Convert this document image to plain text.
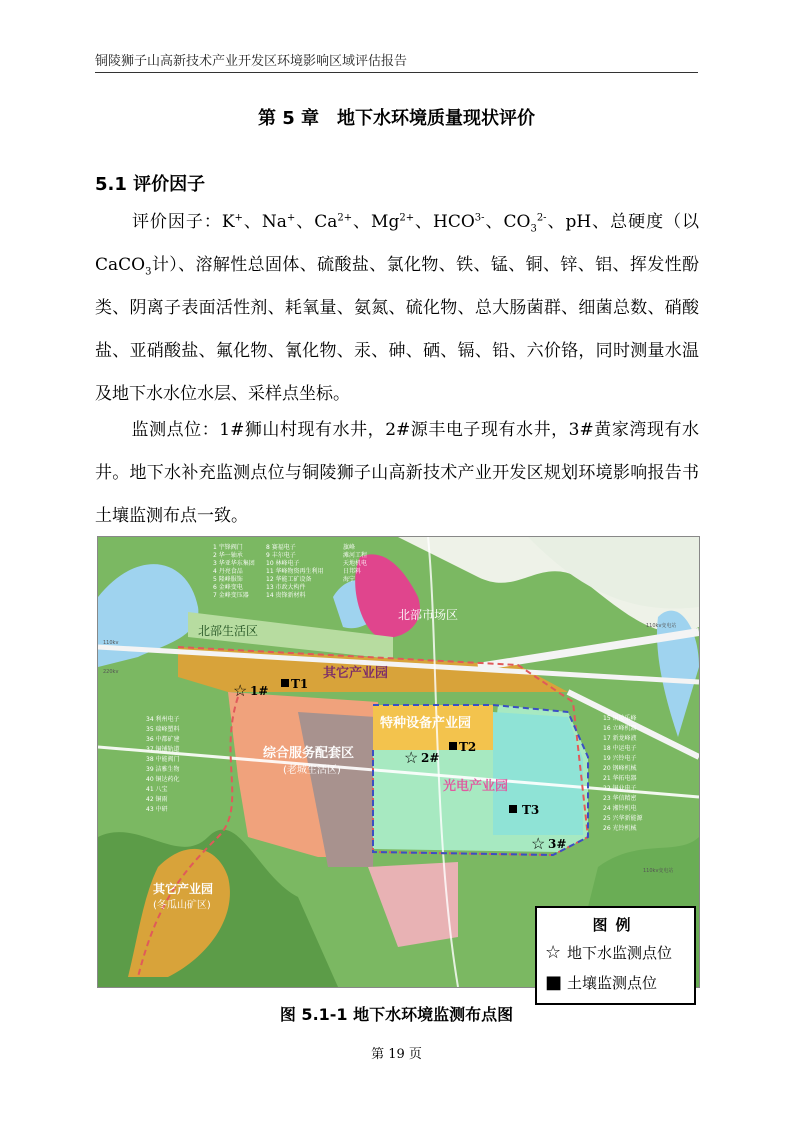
铜陵狮子山高新技术产业开发区环境影响区域评估报告
第 5 章　地下水环境质量现状评价
5.1 评价因子

评价因子：K+、Na+、$Ca^{2+}$、$Mg^{2+}$、$HCO^{3-}$、$CO_3^{2-}$、pH、总硬度（以CaCO$_3$计）、溶解性总固体、硫酸盐、氯化物、铁、锰、铜、锌、铝、挥发性酚类、阴离子表面活性剂、耗氧量、氨氮、硫化物、总大肠菌群、细菌总数、硝酸盐、亚硝酸盐、氟化物、氰化物、汞、砷、硒、镉、铅、六价铬，同时测量水温及地下水水位水层、采样点坐标。

监测点位：1#狮山村现有水井，2#源丰电子现有水井，3#黄家湾现有水井。地下水补充监测点位与铜陵狮子山高新技术产业开发区规划环境影响报告书土壤监测布点一致。

北部生活区
北部市场区
其它产业园
特种设备产业园
综合服务配套区
(老城生活区)
光电产业园
其它产业园
(冬瓜山矿区)
1 宇锋阀门
2 华一轴承
3 华亚华东集团
4 丹亮食品
5 隆峰服饰
6 金峰变电
7 金峰变压器
8 赛福电子
9 丰尔电子
10 林峰电子
11 华峰物资再生利用
12 华能工矿设备
13 市政大构件
14 贵锋新材料
旗峰
滩河工程
天地机电
日邦料
海宁
34 利州电子
35 瑞峰塑料
36 中都矿建
37 铜铺轨道
38 中能阀门
39 洁雅生物
40 铜达药化
41 八宝
42 铜雨
43 中研
15 铜陵乐峰
16 立峰机器
17 新龙峰液
18 中运电子
19 兴铃电子
20 钢峰机械
21 华拓电器
22 铜业电子
23 华信精密
24 湘铃机电
25 兴华新能源
26 光铃机械
110kv
220kv
110kv变电站
110kv变电站
☆ 1#
☆ 2#
☆ 3#
T1
T2
T3
图例
☆ 地下水监测点位
■ 土壤监测点位
图 5.1-1 地下水环境监测布点图
第 19 页
